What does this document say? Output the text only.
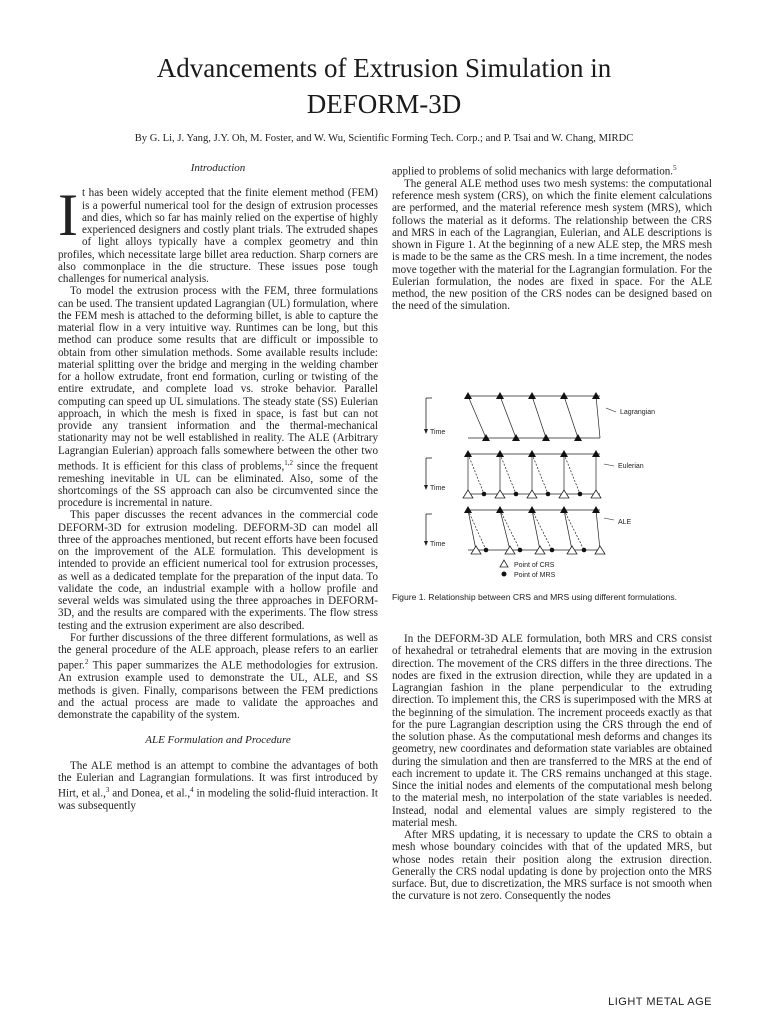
Advancements of Extrusion Simulation in
DEFORM-3D
By G. Li, J. Yang, J.Y. Oh, M. Foster, and W. Wu, Scientific Forming Tech. Corp.; and P. Tsai and W. Chang, MIRDC
Introduction

It has been widely accepted that the finite element method (FEM) is a powerful numerical tool for the design of extrusion processes and dies, which so far has mainly relied on the expertise of highly experienced designers and costly plant trials. The extruded shapes of light alloys typically have a complex geometry and thin profiles, which necessitate large billet area reduction. Sharp corners are also commonplace in the die structure. These issues pose tough challenges for numerical analysis.

To model the extrusion process with the FEM, three formulations can be used. The transient updated Lagrangian (UL) formulation, where the FEM mesh is attached to the deforming billet, is able to capture the material flow in a very intuitive way. Runtimes can be long, but this method can produce some results that are difficult or impossible to obtain from other simulation methods. Some available results include: material splitting over the bridge and merging in the welding chamber for a hollow extrudate, front end formation, curling or twisting of the entire extrudate, and complete load vs. stroke behavior. Parallel computing can speed up UL simulations. The steady state (SS) Eulerian approach, in which the mesh is fixed in space, is fast but can not provide any transient information and the thermal-mechanical stationarity may not be well established in reality. The ALE (Arbitrary Lagrangian Eulerian) approach falls somewhere between the other two methods. It is efficient for this class of problems,$^{1,2}$ since the frequent remeshing inevitable in UL can be eliminated. Also, some of the shortcomings of the SS approach can also be circumvented since the procedure is incremental in nature.

This paper discusses the recent advances in the commercial code DEFORM-3D for extrusion modeling. DEFORM-3D can model all three of the approaches mentioned, but recent efforts have been focused on the improvement of the ALE formulation. This development is intended to provide an efficient numerical tool for extrusion processes, as well as a dedicated template for the preparation of the input data. To validate the code, an industrial example with a hollow profile and several welds was simulated using the three approaches in DEFORM-3D, and the results are compared with the experiments. The flow stress testing and the extrusion experiment are also described.

For further discussions of the three different formulations, as well as the general procedure of the ALE approach, please refers to an earlier paper.$^2$ This paper summarizes the ALE methodologies for extrusion. An extrusion example used to demonstrate the UL, ALE, and SS methods is given. Finally, comparisons between the FEM predictions and the actual process are made to validate the approaches and demonstrate the capability of the system.

ALE Formulation and Procedure

The ALE method is an attempt to combine the advantages of both the Eulerian and Lagrangian formulations. It was first introduced by Hirt, et al.,$^3$ and Donea, et al.,$^4$ in modeling the solid-fluid interaction. It was subsequently

applied to problems of solid mechanics with large deformation.$^5$

The general ALE method uses two mesh systems: the computational reference mesh system (CRS), on which the finite element calculations are performed, and the material reference mesh system (MRS), which follows the material as it deforms. The relationship between the CRS and MRS in each of the Lagrangian, Eulerian, and ALE descriptions is shown in Figure 1. At the beginning of a new ALE step, the MRS mesh is made to be the same as the CRS mesh. In a time increment, the nodes move together with the material for the Lagrangian formulation. For the Eulerian formulation, the nodes are fixed in space. For the ALE method, the new position of the CRS nodes can be designed based on the need of the simulation.

Time
Lagrangian
Time
Eulerian
Time
ALE
Point of CRS
Point of MRS
Figure 1. Relationship between CRS and MRS using different formulations.

In the DEFORM-3D ALE formulation, both MRS and CRS consist of hexahedral or tetrahedral elements that are moving in the extrusion direction. The movement of the CRS differs in the three directions. The nodes are fixed in the extrusion direction, while they are updated in a Lagrangian fashion in the plane perpendicular to the extruding direction. To implement this, the CRS is superimposed with the MRS at the beginning of the simulation. The increment proceeds exactly as that for the pure Lagrangian description using the CRS through the end of the solution phase. As the computational mesh deforms and changes its geometry, new coordinates and deformation state variables are obtained during the simulation and then are transferred to the MRS at the end of each increment to update it. The CRS remains unchanged at this stage. Since the initial nodes and elements of the computational mesh belong to the material mesh, no interpolation of the state variables is needed. Instead, nodal and elemental values are simply registered to the material mesh.

After MRS updating, it is necessary to update the CRS to obtain a mesh whose boundary coincides with that of the updated MRS, but whose nodes retain their position along the extrusion direction. Generally the CRS nodal updating is done by projection onto the MRS surface. But, due to discretization, the MRS surface is not smooth when the curvature is not zero. Consequently the nodes

LIGHT METAL AGE
